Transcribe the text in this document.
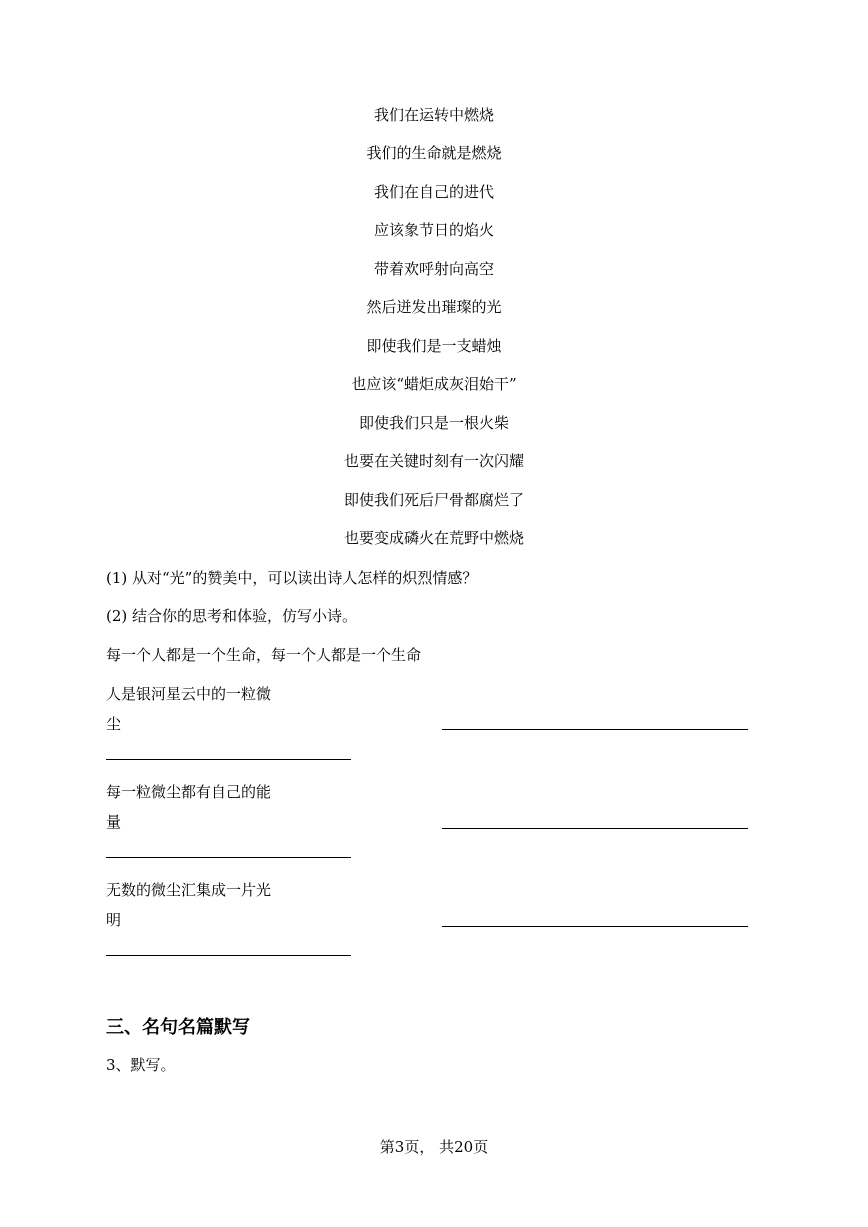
我们在运转中燃烧
我们的生命就是燃烧
我们在自己的进代
应该象节日的焰火
带着欢呼射向高空
然后迸发出璀璨的光
即使我们是一支蜡烛
也应该“蜡炬成灰泪始干”
即使我们只是一根火柴
也要在关键时刻有一次闪耀
即使我们死后尸骨都腐烂了
也要变成磷火在荒野中燃烧
(1) 从对“光”的赞美中，可以读出诗人怎样的炽烈情感？
(2) 结合你的思考和体验，仿写小诗。
每一个人都是一个生命，每一个人都是一个生命
人是银河星云中的一粒微
尘
每一粒微尘都有自己的能
量
无数的微尘汇集成一片光
明
三、名句名篇默写
3、默写。
第3页， 共20页
